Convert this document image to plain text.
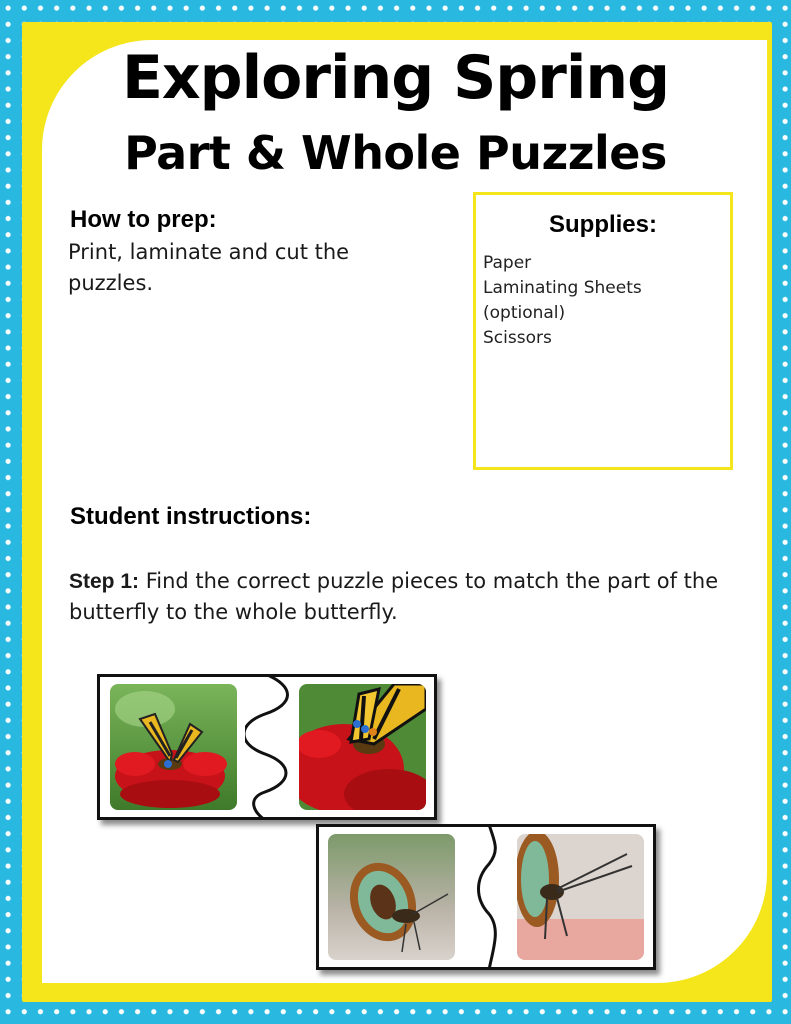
Exploring Spring
Part & Whole Puzzles
How to prep:
Print, laminate and cut the puzzles.
Supplies:
Paper
Laminating Sheets
(optional)
Scissors
Student instructions:
Step 1: Find the correct puzzle pieces to match the part of the butterfly to the whole butterfly.
